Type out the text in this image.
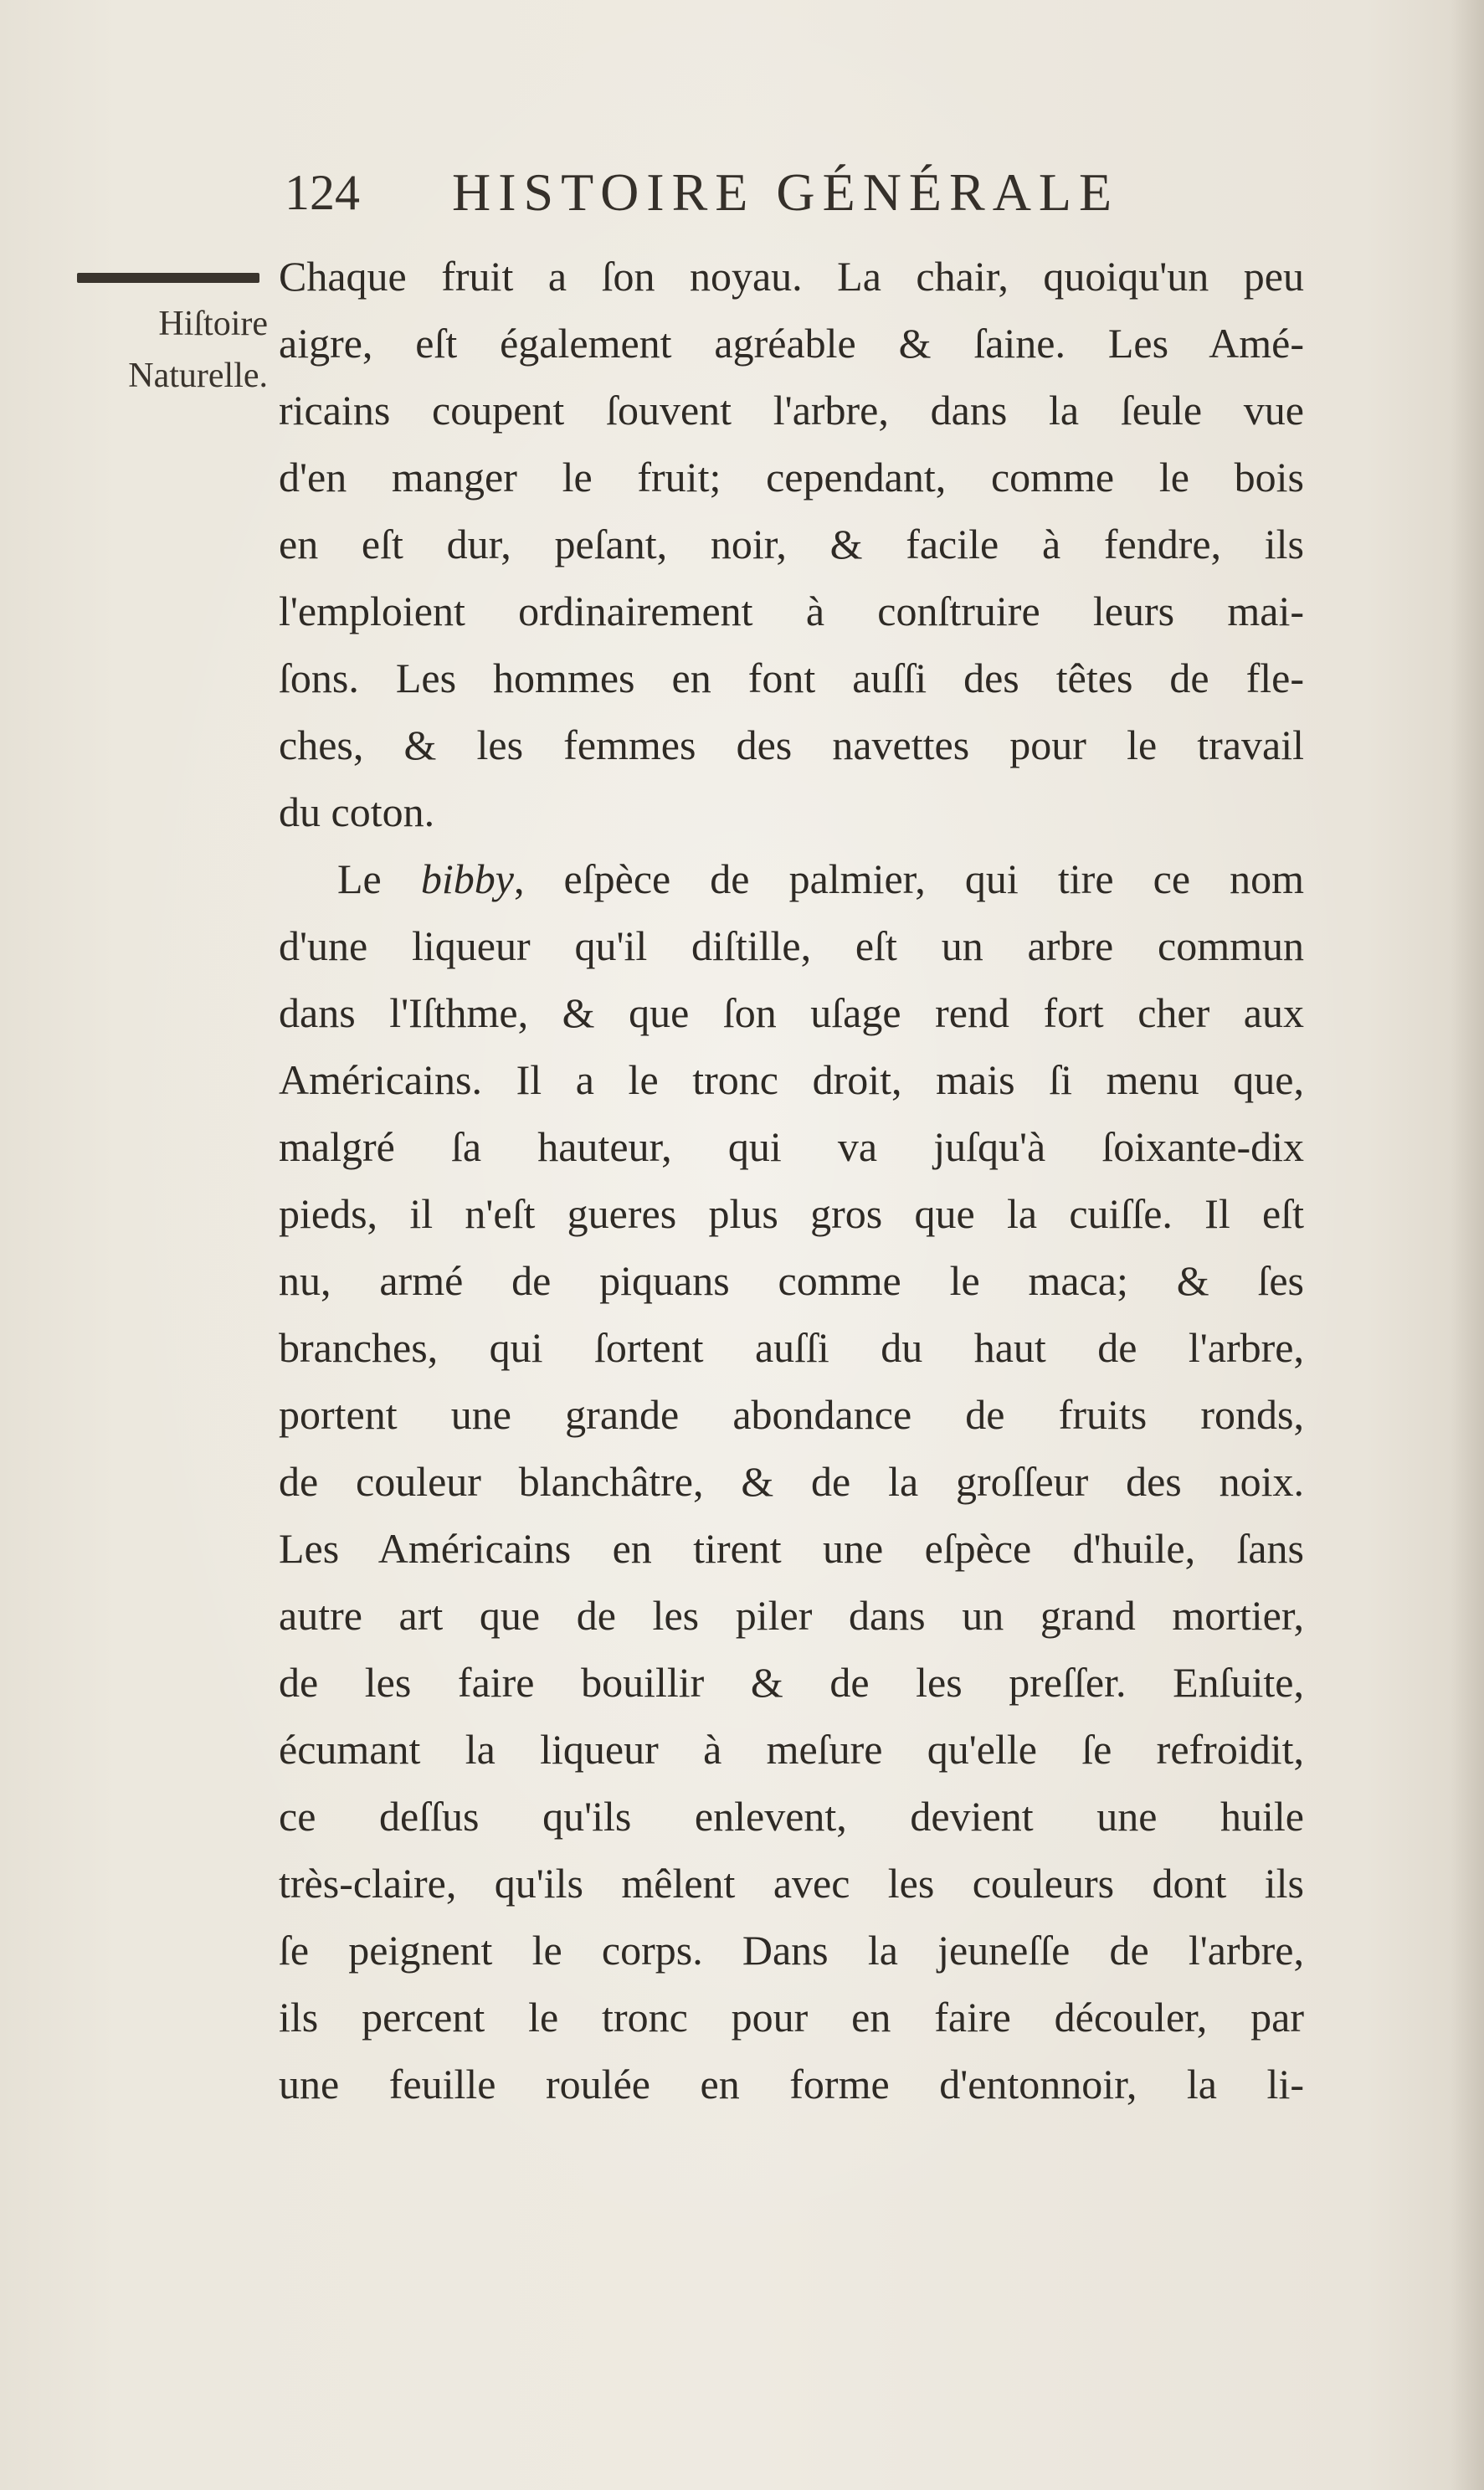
124 HISTOIRE GÉNÉRALE
Hiſtoire
Naturelle.
Chaque fruit a ſon noyau. La chair, quoiqu'un peu
aigre, eſt également agréable & ſaine. Les Amé-
ricains coupent ſouvent l'arbre, dans la ſeule vue
d'en manger le fruit; cependant, comme le bois
en eſt dur, peſant, noir, & facile à fendre, ils
l'emploient ordinairement à conſtruire leurs mai-
ſons. Les hommes en font auſſi des têtes de fle-
ches, & les femmes des navettes pour le travail
du coton.
Le bibby, eſpèce de palmier, qui tire ce nom
d'une liqueur qu'il diſtille, eſt un arbre commun
dans l'Iſthme, & que ſon uſage rend fort cher aux
Américains. Il a le tronc droit, mais ſi menu que,
malgré ſa hauteur, qui va juſqu'à ſoixante-dix
pieds, il n'eſt gueres plus gros que la cuiſſe. Il eſt
nu, armé de piquans comme le maca; & ſes
branches, qui ſortent auſſi du haut de l'arbre,
portent une grande abondance de fruits ronds,
de couleur blanchâtre, & de la groſſeur des noix.
Les Américains en tirent une eſpèce d'huile, ſans
autre art que de les piler dans un grand mortier,
de les faire bouillir & de les preſſer. Enſuite,
écumant la liqueur à meſure qu'elle ſe refroidit,
ce deſſus qu'ils enlevent, devient une huile
très-claire, qu'ils mêlent avec les couleurs dont ils
ſe peignent le corps. Dans la jeuneſſe de l'arbre,
ils percent le tronc pour en faire découler, par
une feuille roulée en forme d'entonnoir, la li-
